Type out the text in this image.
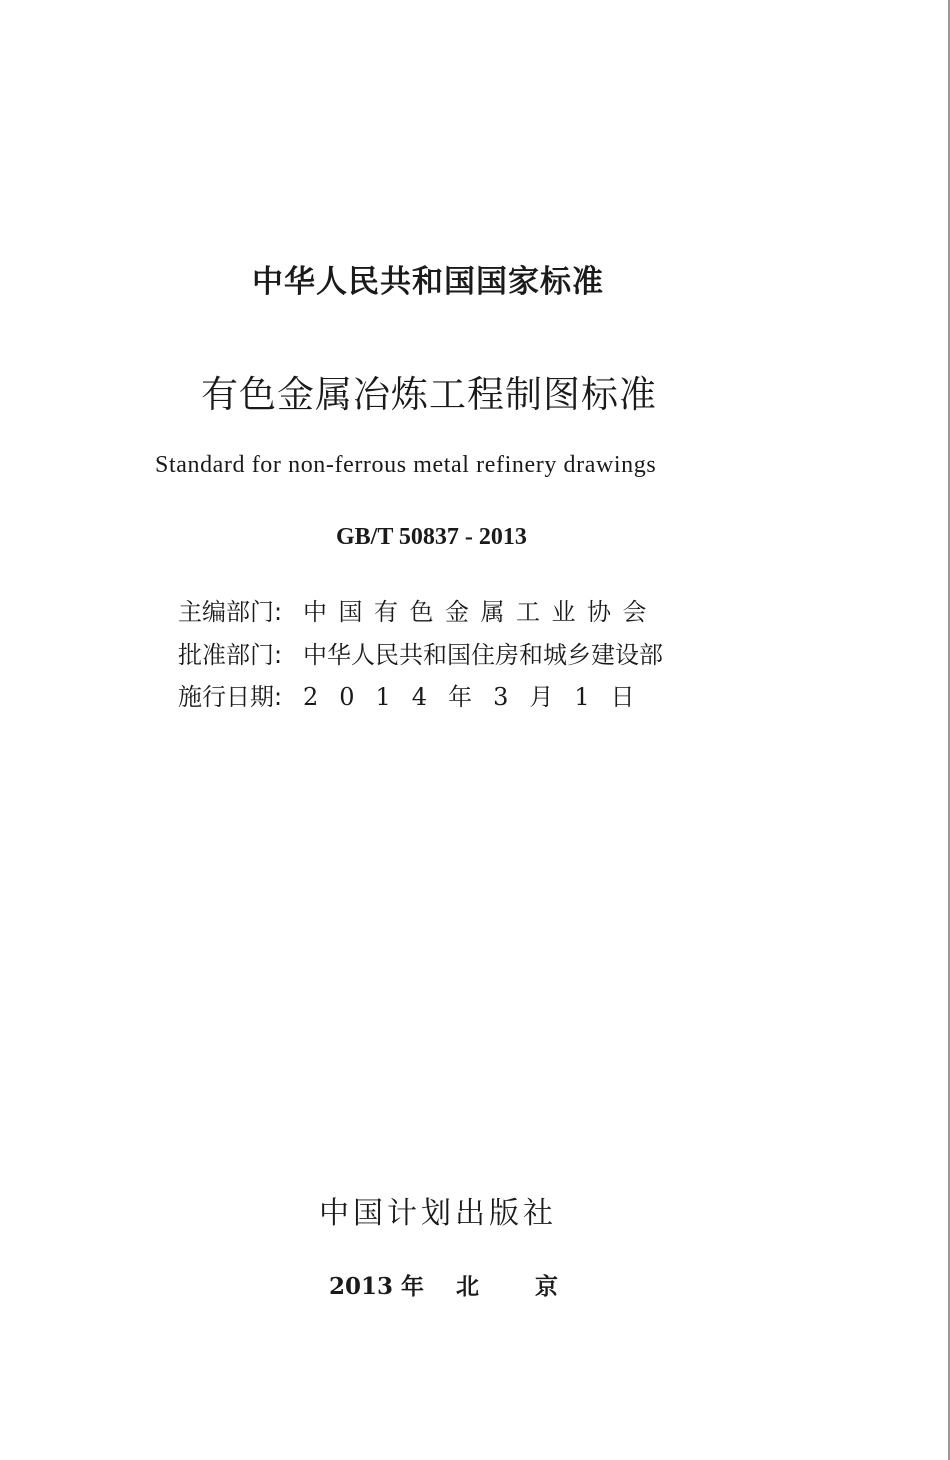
中华人民共和国国家标准
有色金属冶炼工程制图标准
Standard for non-ferrous metal refinery drawings
GB/T 50837 - 2013
主编部门: 中国有色金属工业协会
批准部门: 中华人民共和国住房和城乡建设部
施行日期: 2014年3月1日
中国计划出版社
2013 年 北 京
